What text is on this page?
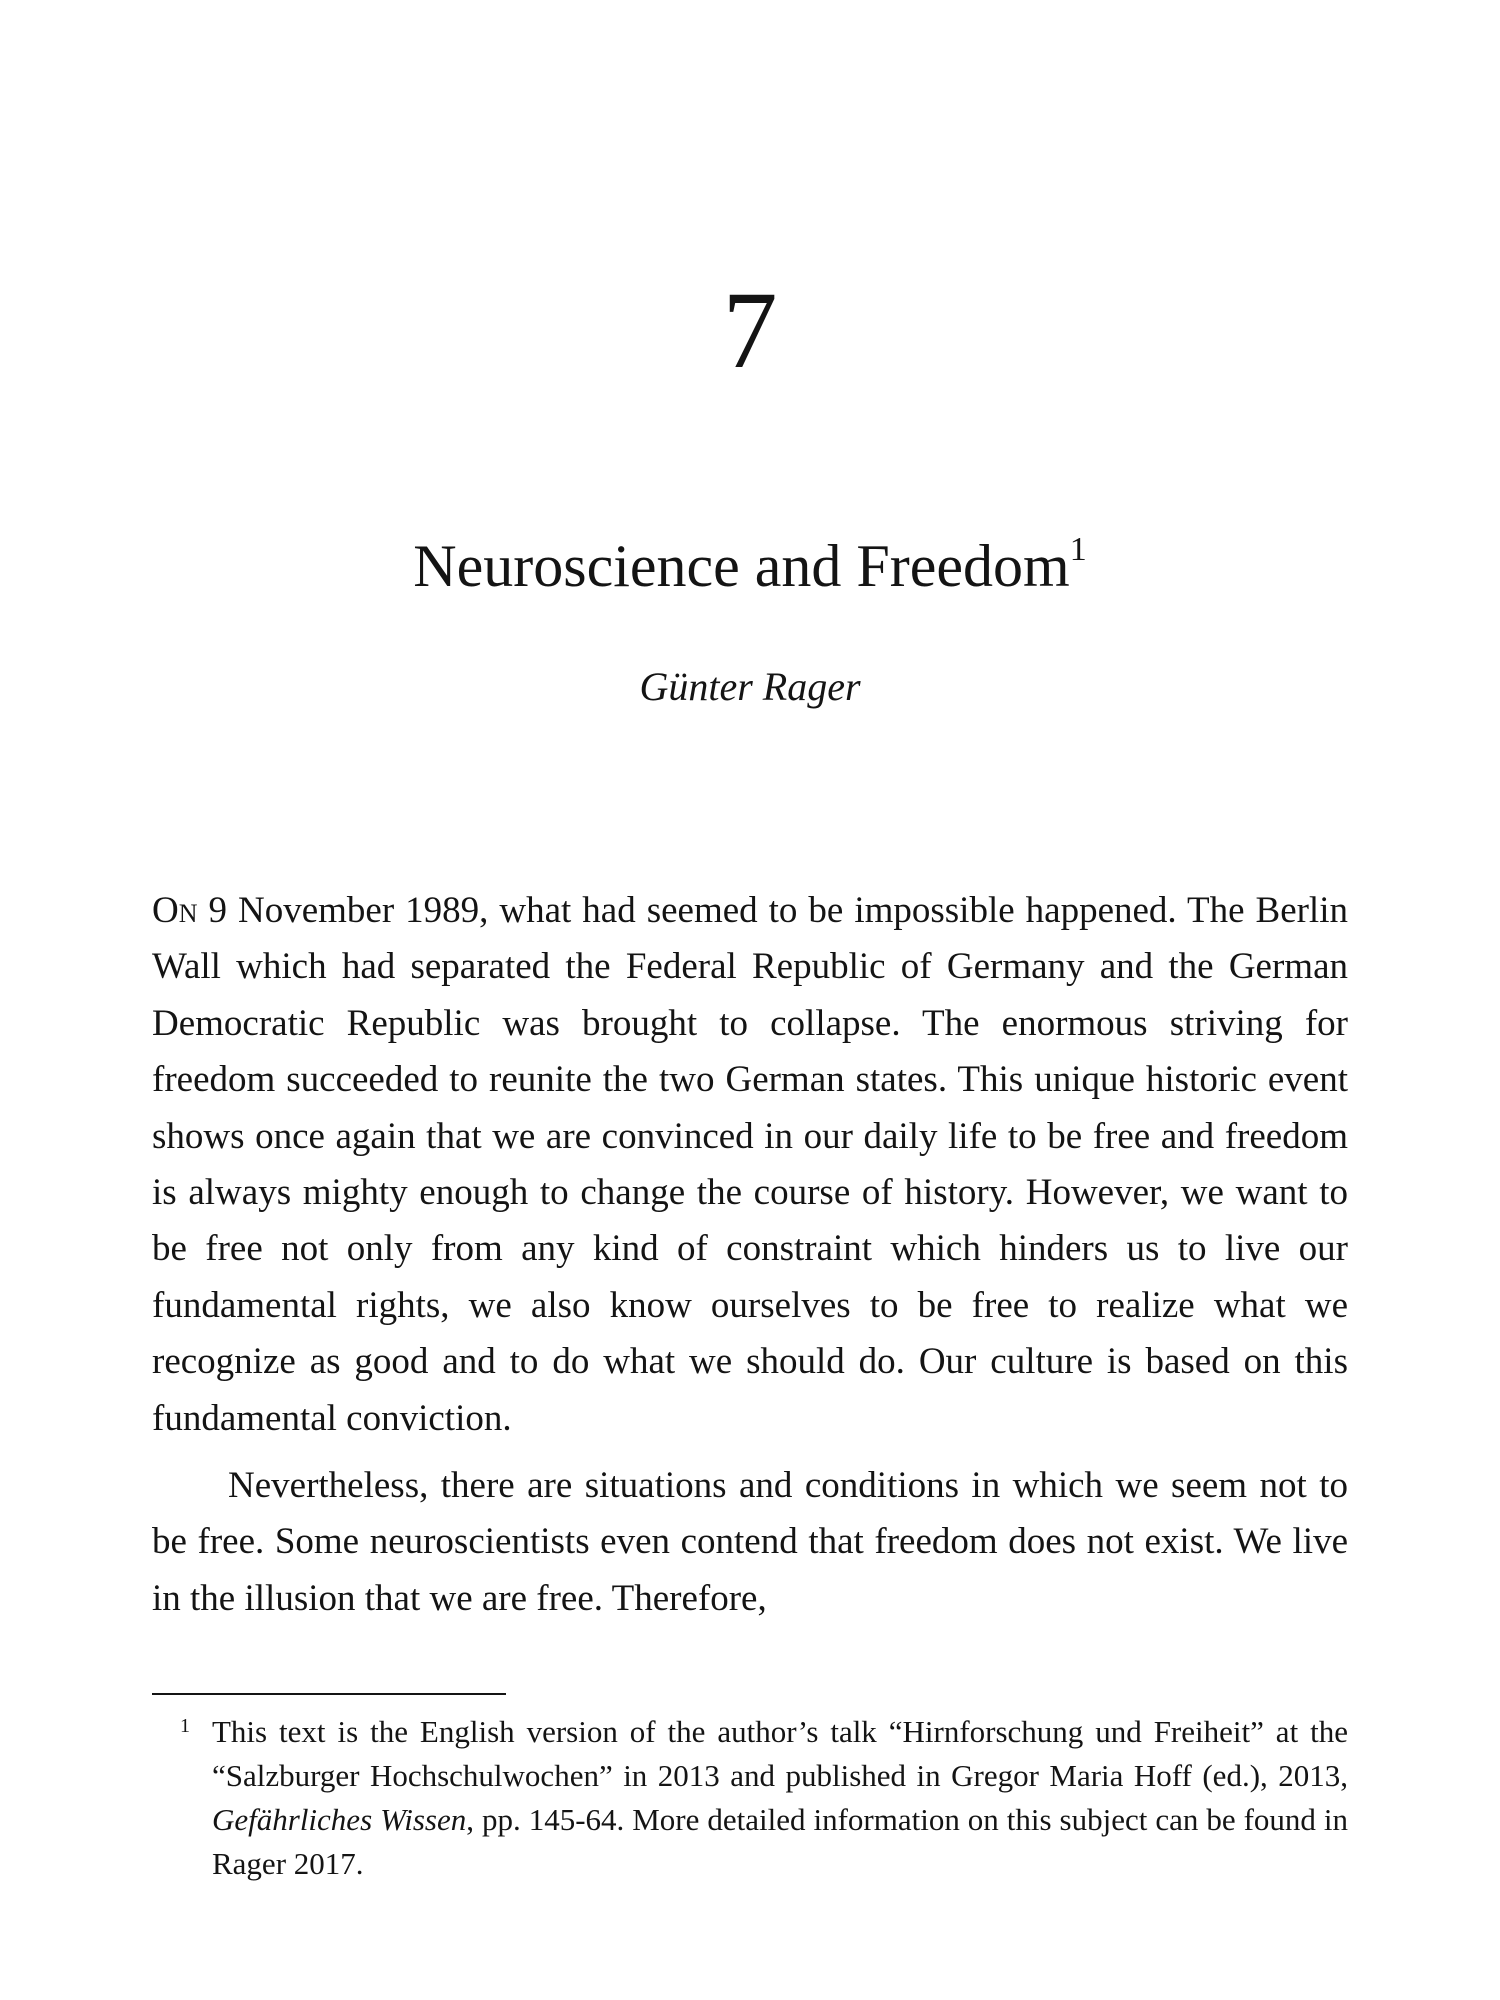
7
Neuroscience and Freedom$^1$
Günter Rager

On 9 November 1989, what had seemed to be impossible happened. The Berlin Wall which had separated the Federal Republic of Germany and the German Democratic Republic was brought to collapse. The enormous striving for freedom succeeded to reunite the two German states. This unique historic event shows once again that we are convinced in our daily life to be free and freedom is always mighty enough to change the course of history. However, we want to be free not only from any kind of constraint which hinders us to live our fundamental rights, we also know ourselves to be free to realize what we recognize as good and to do what we should do. Our culture is based on this fundamental conviction.

Nevertheless, there are situations and conditions in which we seem not to be free. Some neuroscientists even contend that freedom does not exist. We live in the illusion that we are free. Therefore,

1 This text is the English version of the author’s talk “Hirnforschung und Freiheit” at the “Salzburger Hochschulwochen” in 2013 and published in Gregor Maria Hoff (ed.), 2013, Gefährliches Wissen, pp. 145-64. More detailed information on this subject can be found in Rager 2017.
